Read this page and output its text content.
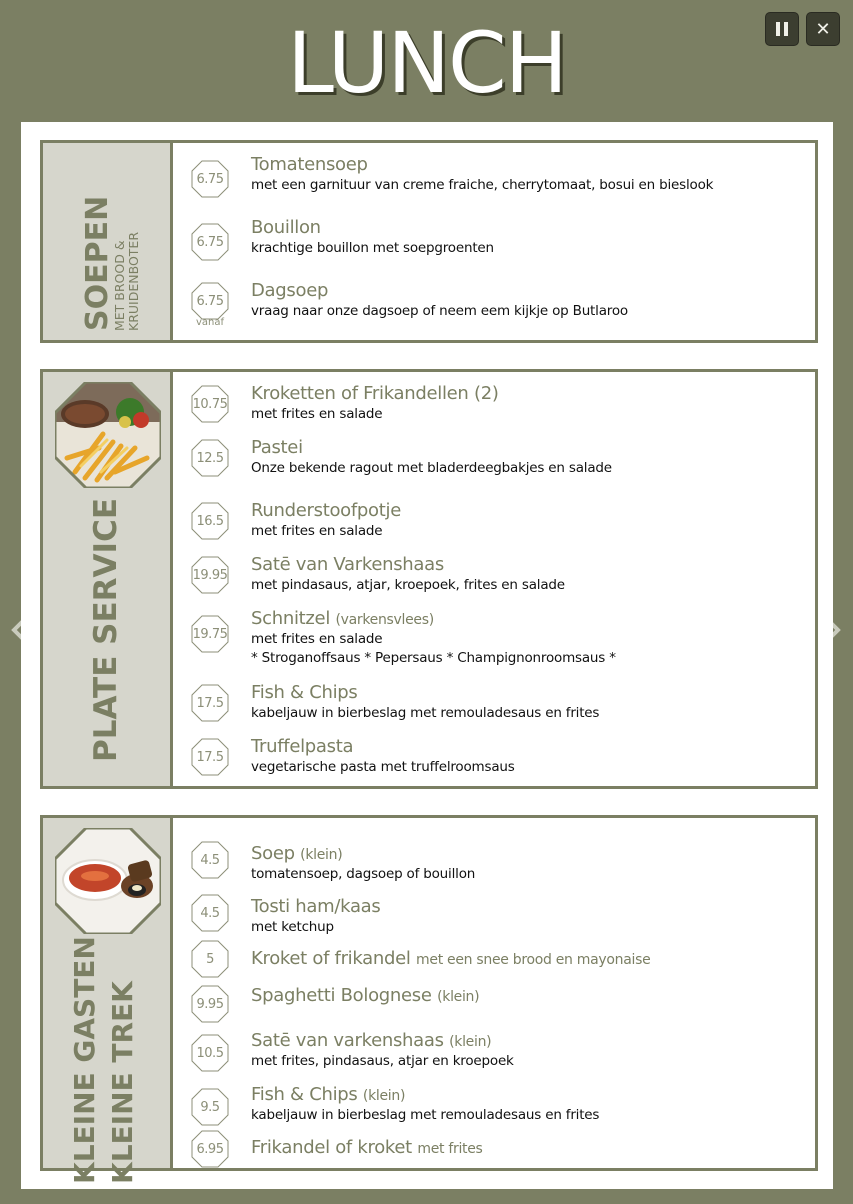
LUNCH	✕
SOEPEN
MET BROOD & KRUIDENBOTER
6.75
Tomatensoep
met een garnituur van creme fraiche, cherrytomaat, bosui en bieslook
6.75
Bouillon
krachtige bouillon met soepgroenten
6.75
vanaf
Dagsoep
vraag naar onze dagsoep of neem eem kijkje op Butlaroo
PLATE SERVICE
10.75 Kroketten of Frikandellen (2)
met frites en salade
12.5 Pastei
Onze bekende ragout met bladerdeegbakjes en salade
16.5 Runderstoofpotje
met frites en salade
19.95 Satē van Varkenshaas
met pindasaus, atjar, kroepoek, frites en salade
19.75
Schnitzel (varkensvlees)
met frites en salade
* Stroganoffsaus * Pepersaus * Champignonroomsaus *
17.5 Fish & Chips
kabeljauw in bierbeslag met remouladesaus en frites
17.5 Truffelpasta
vegetarische pasta met truffelroomsaus
KLEINE GASTEN KLEINE TREK
4.5 Soep (klein)
tomatensoep, dagsoep of bouillon
4.5 Tosti ham/kaas
met ketchup
5 Kroket of frikandel met een snee brood en mayonaise
9.95 Spaghetti Bolognese (klein)
10.5
Satē van varkenshaas (klein)
met frites, pindasaus, atjar en kroepoek
9.5
Fish & Chips (klein)
kabeljauw in bierbeslag met remouladesaus en frites
6.95 Frikandel of kroket met frites
